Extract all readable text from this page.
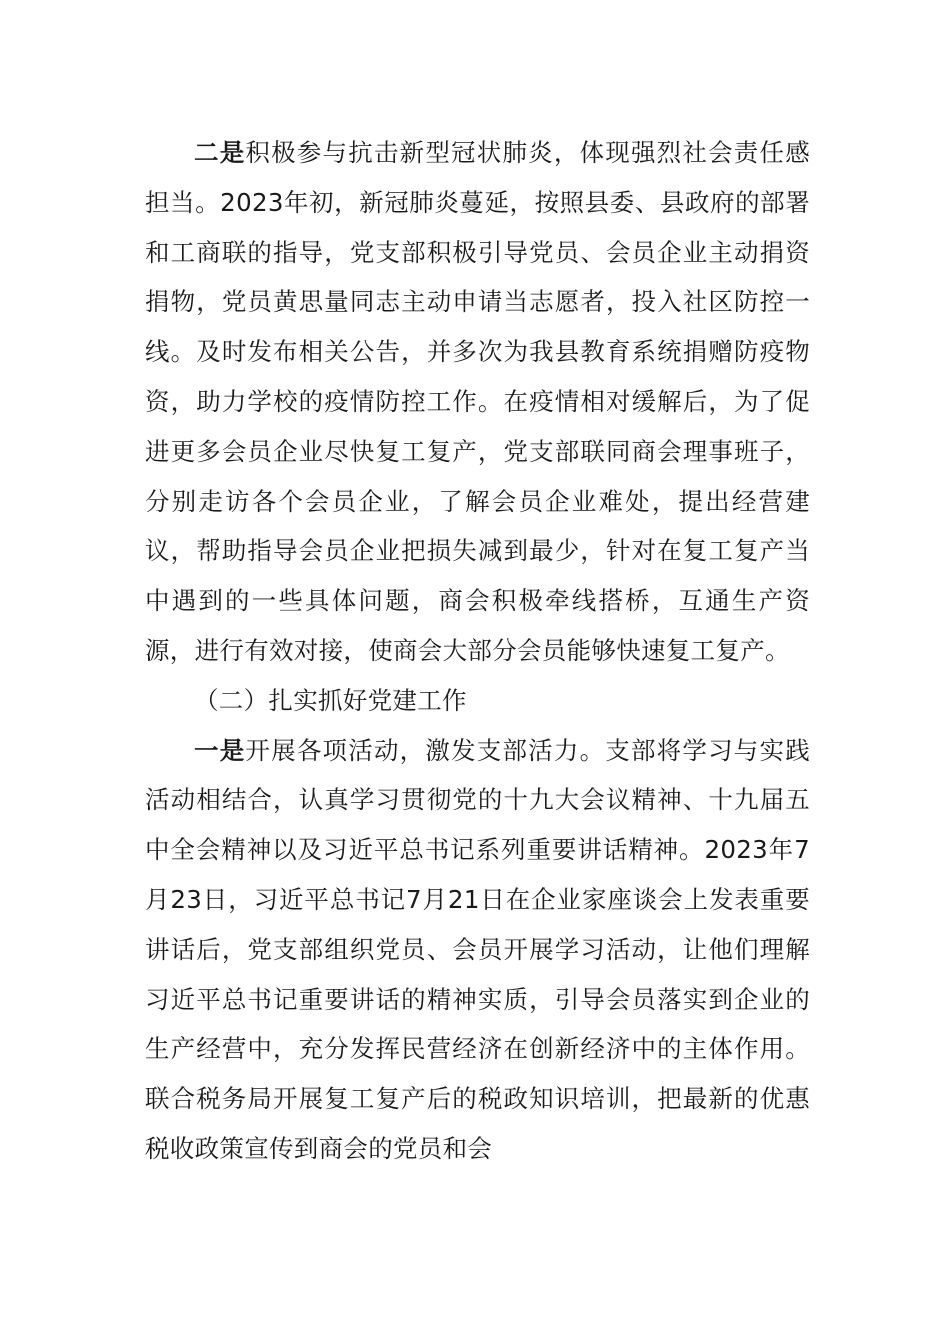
二是积极参与抗击新型冠状肺炎，体现强烈社会责任感担当。2023年初，新冠肺炎蔓延，按照县委、县政府的部署和工商联的指导，党支部积极引导党员、会员企业主动捐资捐物，党员黄思量同志主动申请当志愿者，投入社区防控一线。及时发布相关公告，并多次为我县教育系统捐赠防疫物资，助力学校的疫情防控工作。在疫情相对缓解后，为了促进更多会员企业尽快复工复产，党支部联同商会理事班子，分别走访各个会员企业，了解会员企业难处，提出经营建议，帮助指导会员企业把损失减到最少，针对在复工复产当中遇到的一些具体问题，商会积极牵线搭桥，互通生产资源，进行有效对接，使商会大部分会员能够快速复工复产。

（二）扎实抓好党建工作

一是开展各项活动，激发支部活力。支部将学习与实践活动相结合，认真学习贯彻党的十九大会议精神、十九届五中全会精神以及习近平总书记系列重要讲话精神。2023年7月23日，习近平总书记7月21日在企业家座谈会上发表重要讲话后，党支部组织党员、会员开展学习活动，让他们理解习近平总书记重要讲话的精神实质，引导会员落实到企业的生产经营中，充分发挥民营经济在创新经济中的主体作用。联合税务局开展复工复产后的税政知识培训，把最新的优惠税收政策宣传到商会的党员和会
